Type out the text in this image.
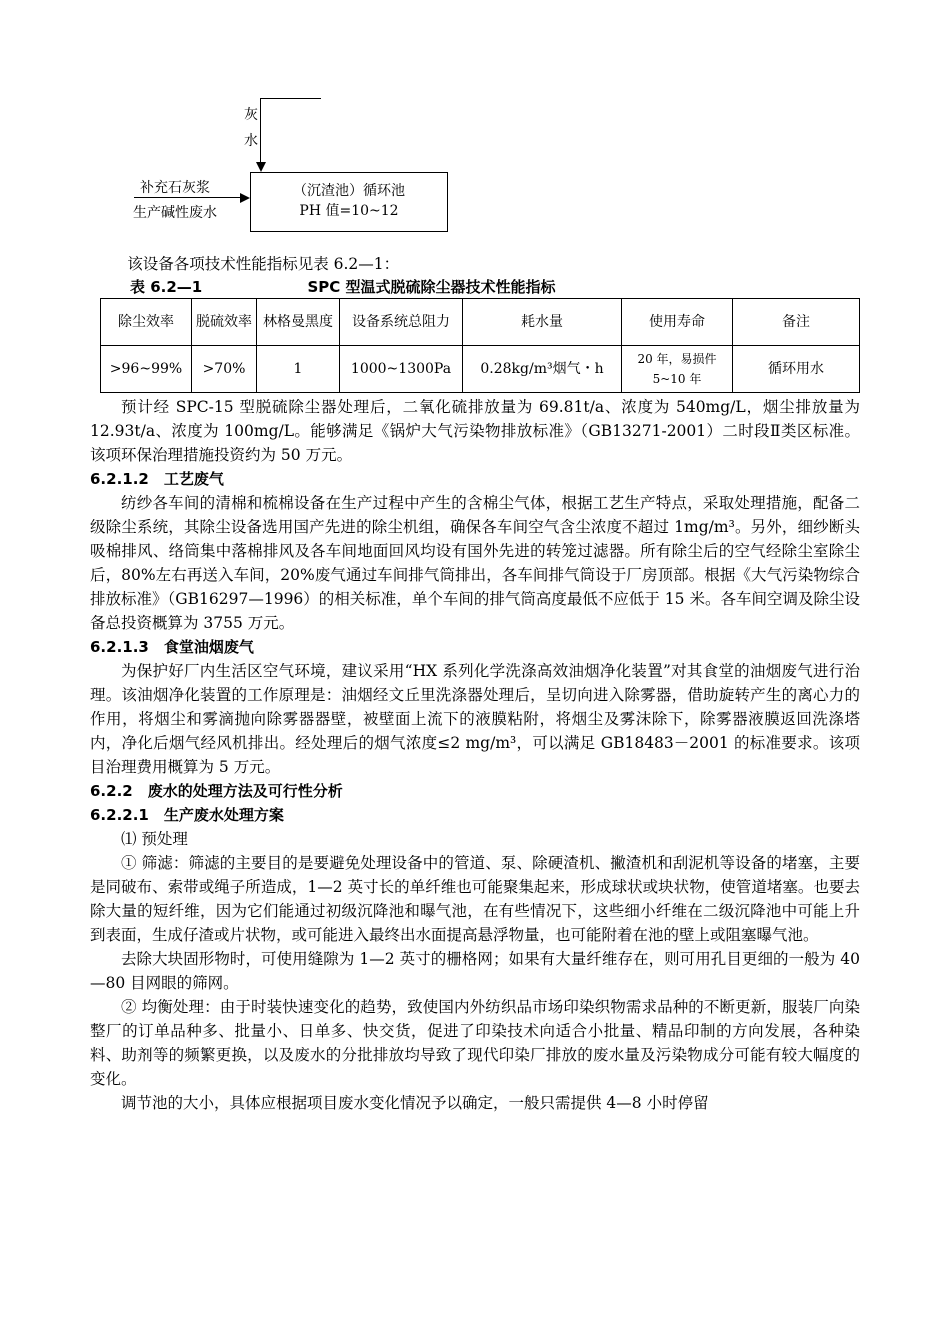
灰
水
补充石灰浆
生产碱性废水
（沉渣池）循环池
PH 值=10~12

该设备各项技术性能指标见表 6.2—1：

表 6.2—1	SPC 型温式脱硫除尘器技术性能指标

除尘效率	脱硫效率	林格曼黑度	设备系统总阻力	耗水量	使用寿命	备注
>96~99%	>70%	1	1000~1300Pa	0.28kg/m³烟气・h	20 年，易损件 5~10 年	循环用水

预计经 SPC-15 型脱硫除尘器处理后，二氧化硫排放量为 69.81t/a、浓度为 540mg/L，烟尘排放量为 12.93t/a、浓度为 100mg/L。能够满足《锅炉大气污染物排放标准》（GB13271-2001）二时段Ⅱ类区标准。该项环保治理措施投资约为 50 万元。

6.2.1.2　工艺废气

纺纱各车间的清棉和梳棉设备在生产过程中产生的含棉尘气体，根据工艺生产特点，采取处理措施，配备二级除尘系统，其除尘设备选用国产先进的除尘机组，确保各车间空气含尘浓度不超过 1mg/m³。另外，细纱断头吸棉排风、络筒集中落棉排风及各车间地面回风均设有国外先进的转笼过滤器。所有除尘后的空气经除尘室除尘后，80%左右再送入车间，20%废气通过车间排气筒排出，各车间排气筒设于厂房顶部。根据《大气污染物综合排放标准》（GB16297—1996）的相关标准，单个车间的排气筒高度最低不应低于 15 米。各车间空调及除尘设备总投资概算为 3755 万元。

6.2.1.3　食堂油烟废气

为保护好厂内生活区空气环境，建议采用“HX 系列化学洗涤高效油烟净化装置”对其食堂的油烟废气进行治理。该油烟净化装置的工作原理是：油烟经文丘里洗涤器处理后，呈切向进入除雾器，借助旋转产生的离心力的作用，将烟尘和雾滴抛向除雾器器壁，被壁面上流下的液膜粘附，将烟尘及雾沫除下，除雾器液膜返回洗涤塔内，净化后烟气经风机排出。经处理后的烟气浓度≤2 mg/m³，可以满足 GB18483－2001 的标准要求。该项目治理费用概算为 5 万元。

6.2.2　废水的处理方法及可行性分析

6.2.2.1　生产废水处理方案

⑴ 预处理

① 筛滤：筛滤的主要目的是要避免处理设备中的管道、泵、除硬渣机、撇渣机和刮泥机等设备的堵塞，主要是同破布、索带或绳子所造成，1—2 英寸长的单纤维也可能聚集起来，形成球状或块状物，使管道堵塞。也要去除大量的短纤维，因为它们能通过初级沉降池和曝气池，在有些情况下，这些细小纤维在二级沉降池中可能上升到表面，生成仔渣或片状物，或可能进入最终出水面提高悬浮物量，也可能附着在池的壁上或阻塞曝气池。

去除大块固形物时，可使用缝隙为 1—2 英寸的栅格网；如果有大量纤维存在，则可用孔目更细的一般为 40—80 目网眼的筛网。

② 均衡处理：由于时装快速变化的趋势，致使国内外纺织品市场印染织物需求品种的不断更新，服装厂向染整厂的订单品种多、批量小、日单多、快交货，促进了印染技术向适合小批量、精品印制的方向发展，各种染料、助剂等的频繁更换，以及废水的分批排放均导致了现代印染厂排放的废水量及污染物成分可能有较大幅度的变化。

调节池的大小，具体应根据项目废水变化情况予以确定，一般只需提供 4—8 小时停留
